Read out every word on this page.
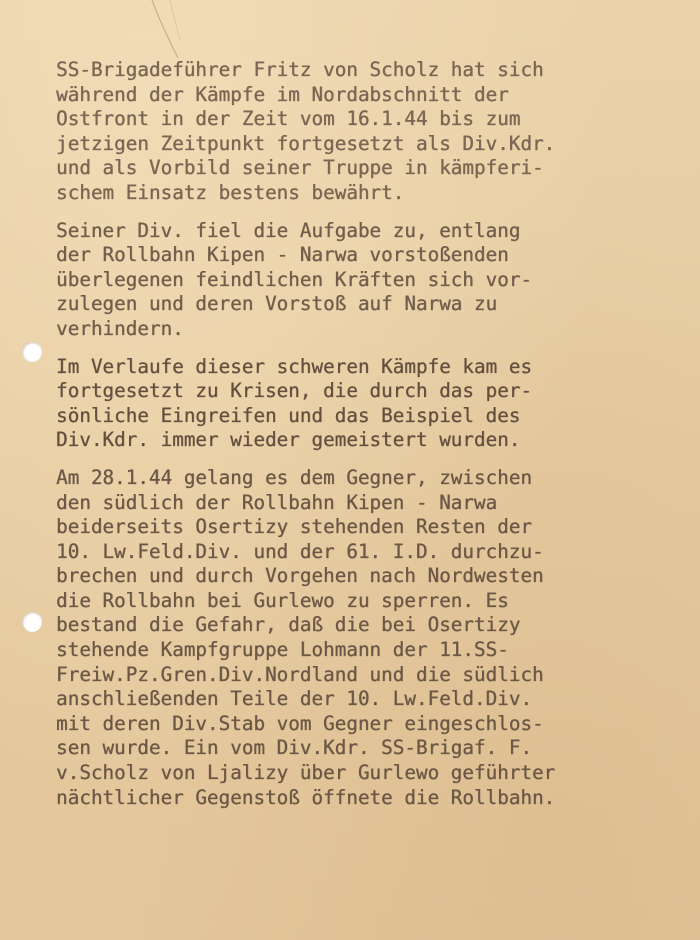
SS-Brigadeführer Fritz von Scholz hat sich
während der Kämpfe im Nordabschnitt der
Ostfront in der Zeit vom 16.1.44 bis zum
jetzigen Zeitpunkt fortgesetzt als Div.Kdr.
und als Vorbild seiner Truppe in kämpferi-
schem Einsatz bestens bewährt.
Seiner Div. fiel die Aufgabe zu, entlang
der Rollbahn Kipen - Narwa vorstoßenden
überlegenen feindlichen Kräften sich vor-
zulegen und deren Vorstoß auf Narwa zu
verhindern.
Im Verlaufe dieser schweren Kämpfe kam es
fortgesetzt zu Krisen, die durch das per-
sönliche Eingreifen und das Beispiel des
Div.Kdr. immer wieder gemeistert wurden.
Am 28.1.44 gelang es dem Gegner, zwischen
den südlich der Rollbahn Kipen - Narwa
beiderseits Osertizy stehenden Resten der
10. Lw.Feld.Div. und der 61. I.D. durchzu-
brechen und durch Vorgehen nach Nordwesten
die Rollbahn bei Gurlewo zu sperren. Es
bestand die Gefahr, daß die bei Osertizy
stehende Kampfgruppe Lohmann der 11.SS-
Freiw.Pz.Gren.Div.Nordland und die südlich
anschließenden Teile der 10. Lw.Feld.Div.
mit deren Div.Stab vom Gegner eingeschlos-
sen wurde. Ein vom Div.Kdr. SS-Brigaf. F.
v.Scholz von Ljalizy über Gurlewo geführter
nächtlicher Gegenstoß öffnete die Rollbahn.
